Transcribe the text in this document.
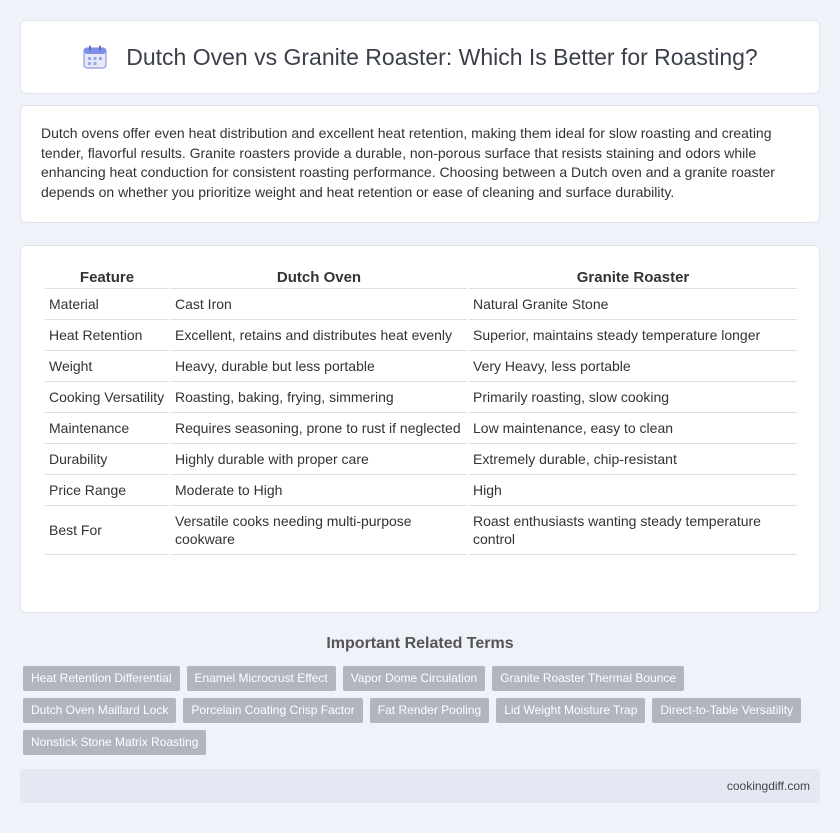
Dutch Oven vs Granite Roaster: Which Is Better for Roasting?

Dutch ovens offer even heat distribution and excellent heat retention, making them ideal for slow roasting and creating tender, flavorful results. Granite roasters provide a durable, non-porous surface that resists staining and odors while enhancing heat conduction for consistent roasting performance. Choosing between a Dutch oven and a granite roaster depends on whether you prioritize weight and heat retention or ease of cleaning and surface durability.

Feature	Dutch Oven	Granite Roaster
Material	Cast Iron	Natural Granite Stone
Heat Retention	Excellent, retains and distributes heat evenly	Superior, maintains steady temperature longer
Weight	Heavy, durable but less portable	Very Heavy, less portable
Cooking Versatility	Roasting, baking, frying, simmering	Primarily roasting, slow cooking
Maintenance	Requires seasoning, prone to rust if neglected	Low maintenance, easy to clean
Durability	Highly durable with proper care	Extremely durable, chip-resistant
Price Range	Moderate to High	High
Best For	Versatile cooks needing multi-purpose cookware	Roast enthusiasts wanting steady temperature control
Important Related Terms
Heat Retention Differential	Enamel Microcrust Effect	Vapor Dome Circulation	Granite Roaster Thermal Bounce
Dutch Oven Maillard Lock	Porcelain Coating Crisp Factor	Fat Render Pooling	Lid Weight Moisture Trap	Direct-to-Table Versatility
Nonstick Stone Matrix Roasting
cookingdiff.com
